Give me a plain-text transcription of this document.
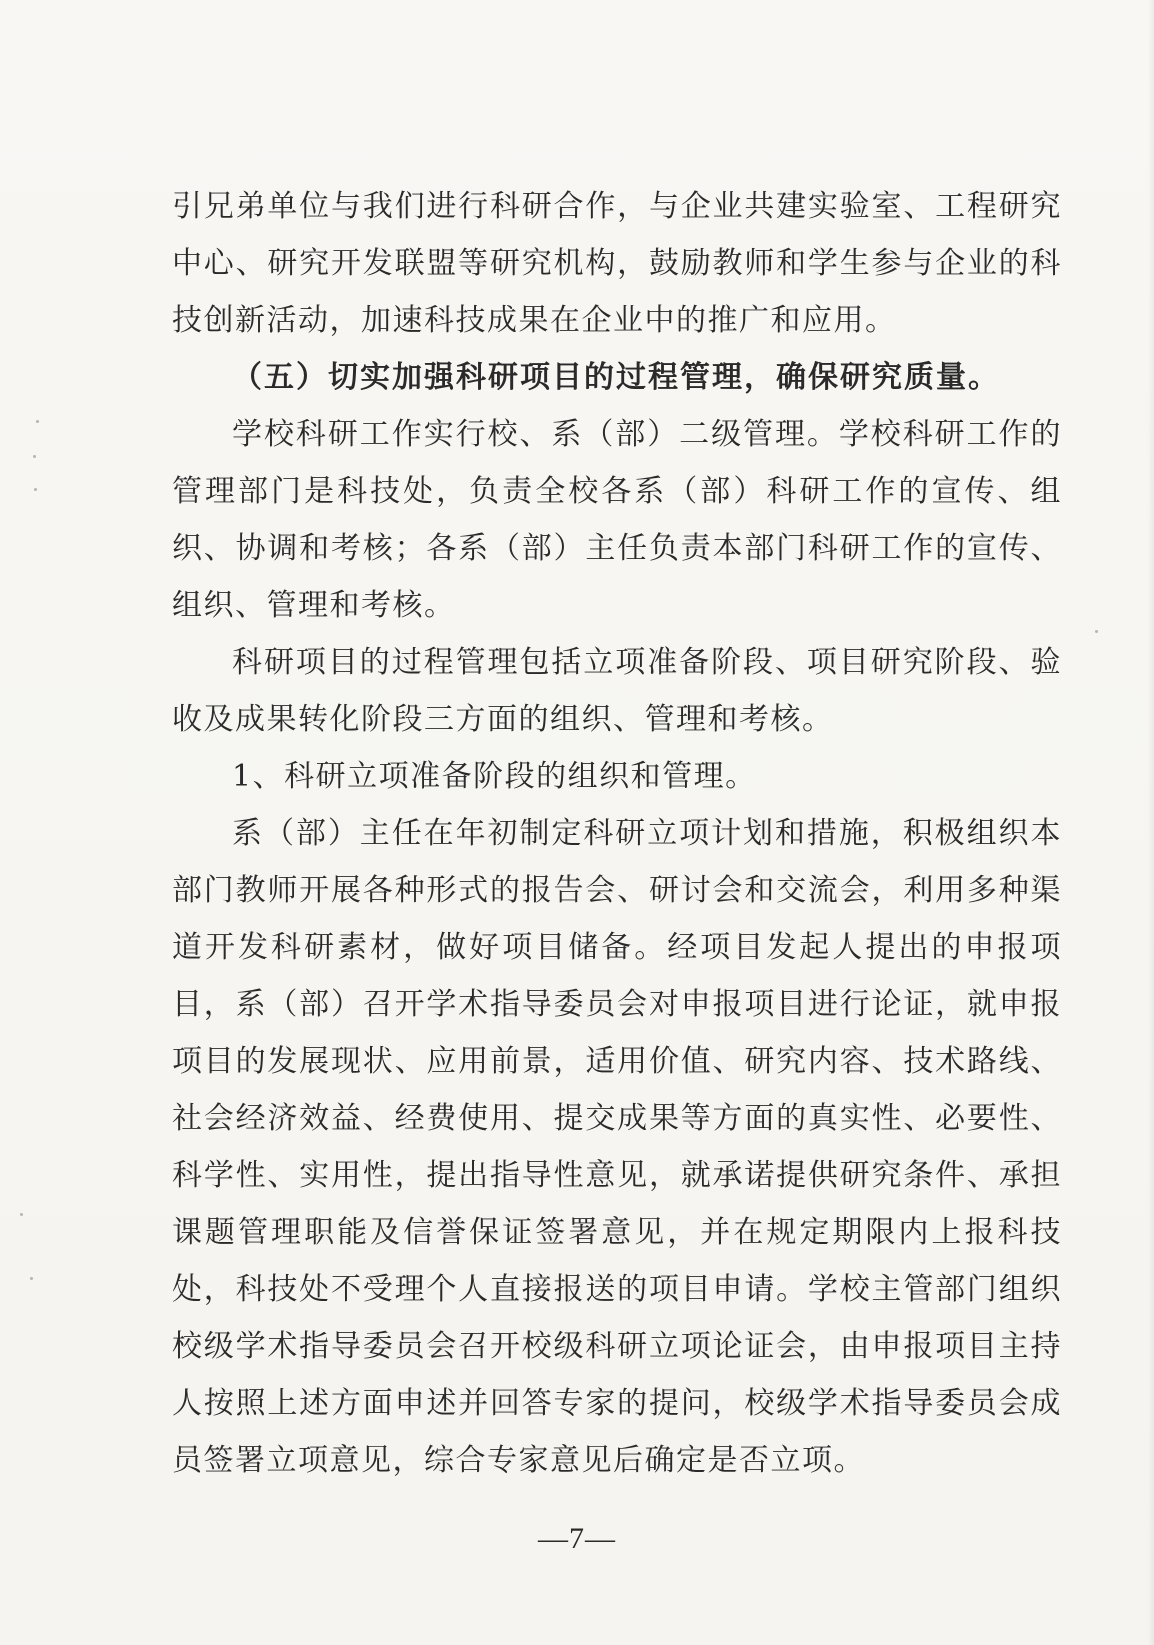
引兄弟单位与我们进行科研合作，与企业共建实验室、工程研究中心、研究开发联盟等研究机构，鼓励教师和学生参与企业的科技创新活动，加速科技成果在企业中的推广和应用。

（五）切实加强科研项目的过程管理，确保研究质量。

学校科研工作实行校、系（部）二级管理。学校科研工作的管理部门是科技处，负责全校各系（部）科研工作的宣传、组织、协调和考核；各系（部）主任负责本部门科研工作的宣传、组织、管理和考核。

科研项目的过程管理包括立项准备阶段、项目研究阶段、验收及成果转化阶段三方面的组织、管理和考核。

1、科研立项准备阶段的组织和管理。

系（部）主任在年初制定科研立项计划和措施，积极组织本部门教师开展各种形式的报告会、研讨会和交流会，利用多种渠道开发科研素材，做好项目储备。经项目发起人提出的申报项目，系（部）召开学术指导委员会对申报项目进行论证，就申报项目的发展现状、应用前景，适用价值、研究内容、技术路线、社会经济效益、经费使用、提交成果等方面的真实性、必要性、科学性、实用性，提出指导性意见，就承诺提供研究条件、承担课题管理职能及信誉保证签署意见，并在规定期限内上报科技处，科技处不受理个人直接报送的项目申请。学校主管部门组织校级学术指导委员会召开校级科研立项论证会，由申报项目主持人按照上述方面申述并回答专家的提问，校级学术指导委员会成员签署立项意见，综合专家意见后确定是否立项。

—7—
